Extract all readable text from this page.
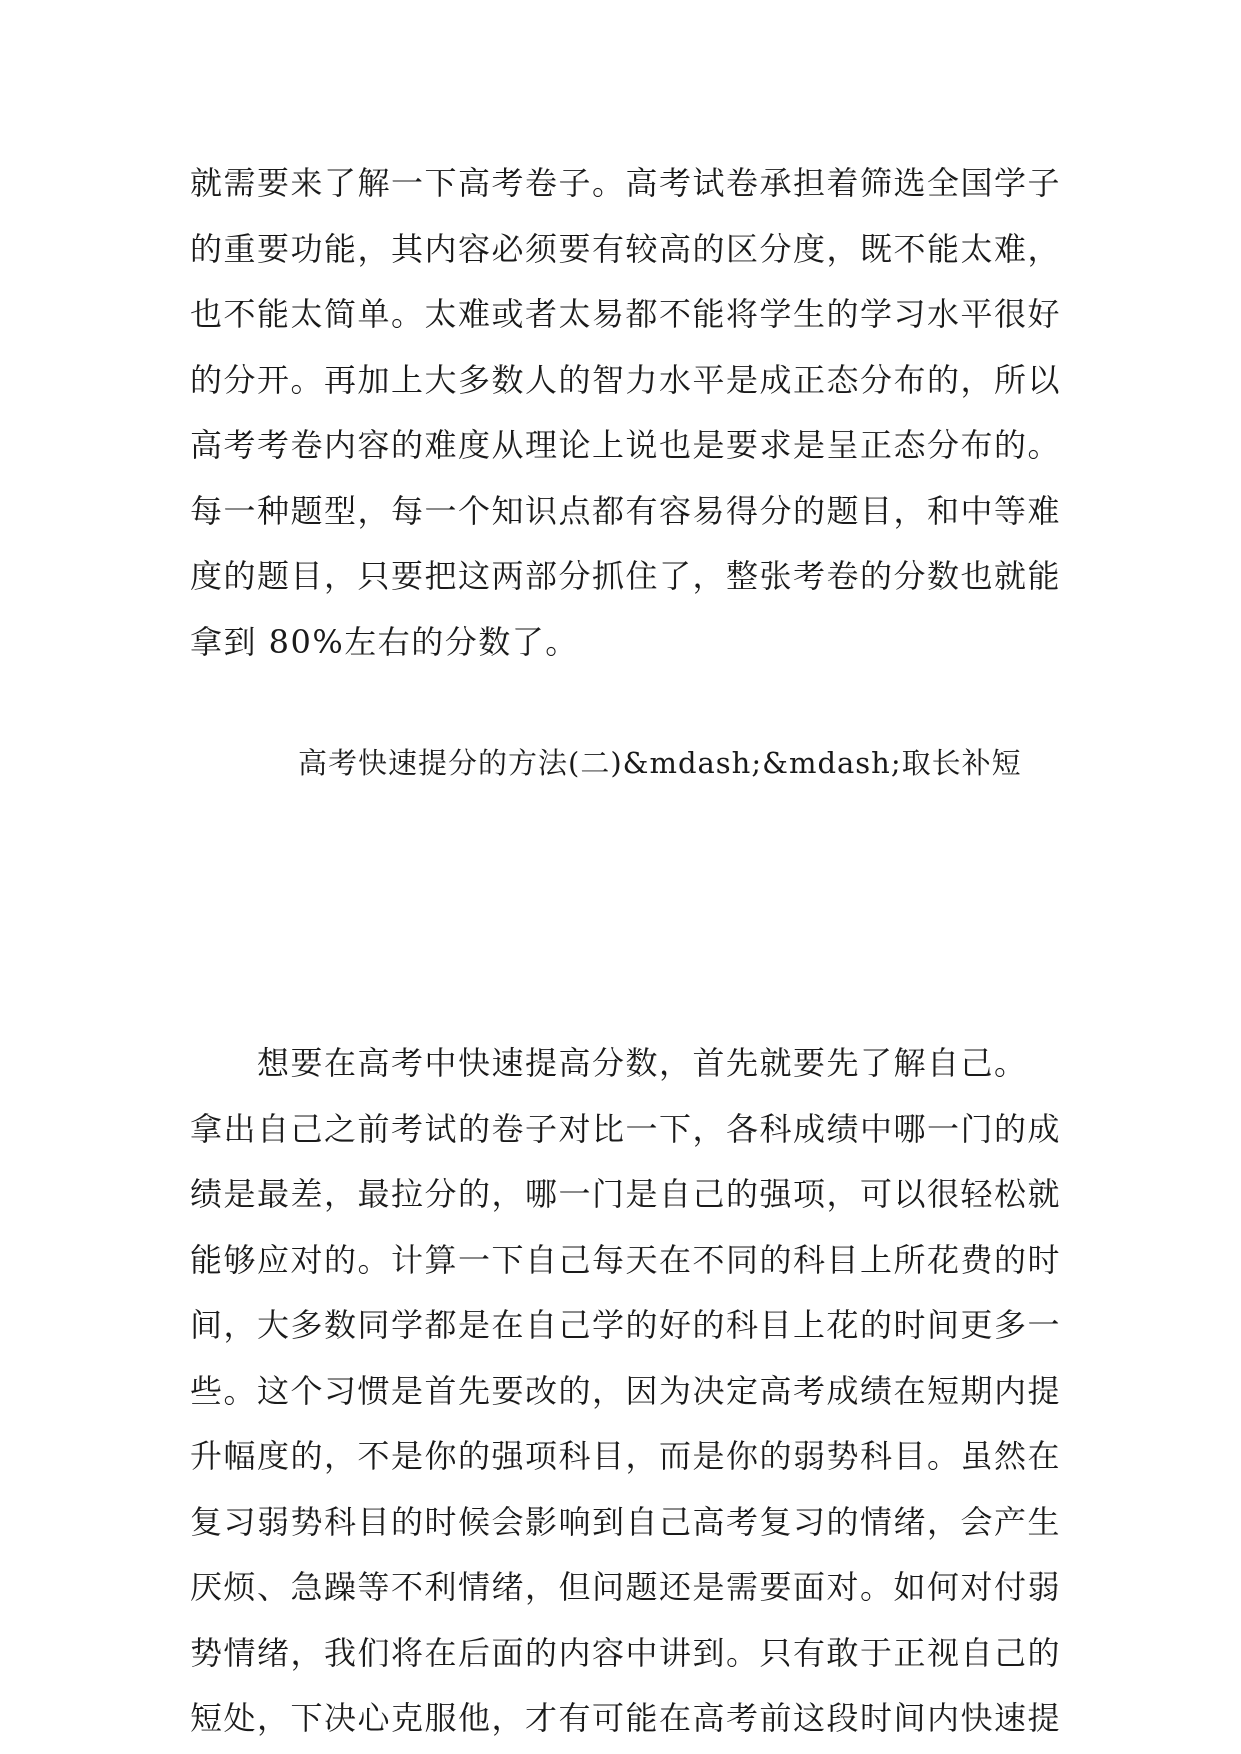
就需要来了解一下高考卷子。高考试卷承担着筛选全国学子
的重要功能，其内容必须要有较高的区分度，既不能太难，
也不能太简单。太难或者太易都不能将学生的学习水平很好
的分开。再加上大多数人的智力水平是成正态分布的，所以
高考考卷内容的难度从理论上说也是要求是呈正态分布的。
每一种题型，每一个知识点都有容易得分的题目，和中等难
度的题目，只要把这两部分抓住了，整张考卷的分数也就能
拿到 80%左右的分数了。
高考快速提分的方法(二)&mdash;&mdash;取长补短
　　想要在高考中快速提高分数，首先就要先了解自己。
拿出自己之前考试的卷子对比一下，各科成绩中哪一门的成
绩是最差，最拉分的，哪一门是自己的强项，可以很轻松就
能够应对的。计算一下自己每天在不同的科目上所花费的时
间，大多数同学都是在自己学的好的科目上花的时间更多一
些。这个习惯是首先要改的，因为决定高考成绩在短期内提
升幅度的，不是你的强项科目，而是你的弱势科目。虽然在
复习弱势科目的时候会影响到自己高考复习的情绪，会产生
厌烦、急躁等不利情绪，但问题还是需要面对。如何对付弱
势情绪，我们将在后面的内容中讲到。只有敢于正视自己的
短处，下决心克服他，才有可能在高考前这段时间内快速提
